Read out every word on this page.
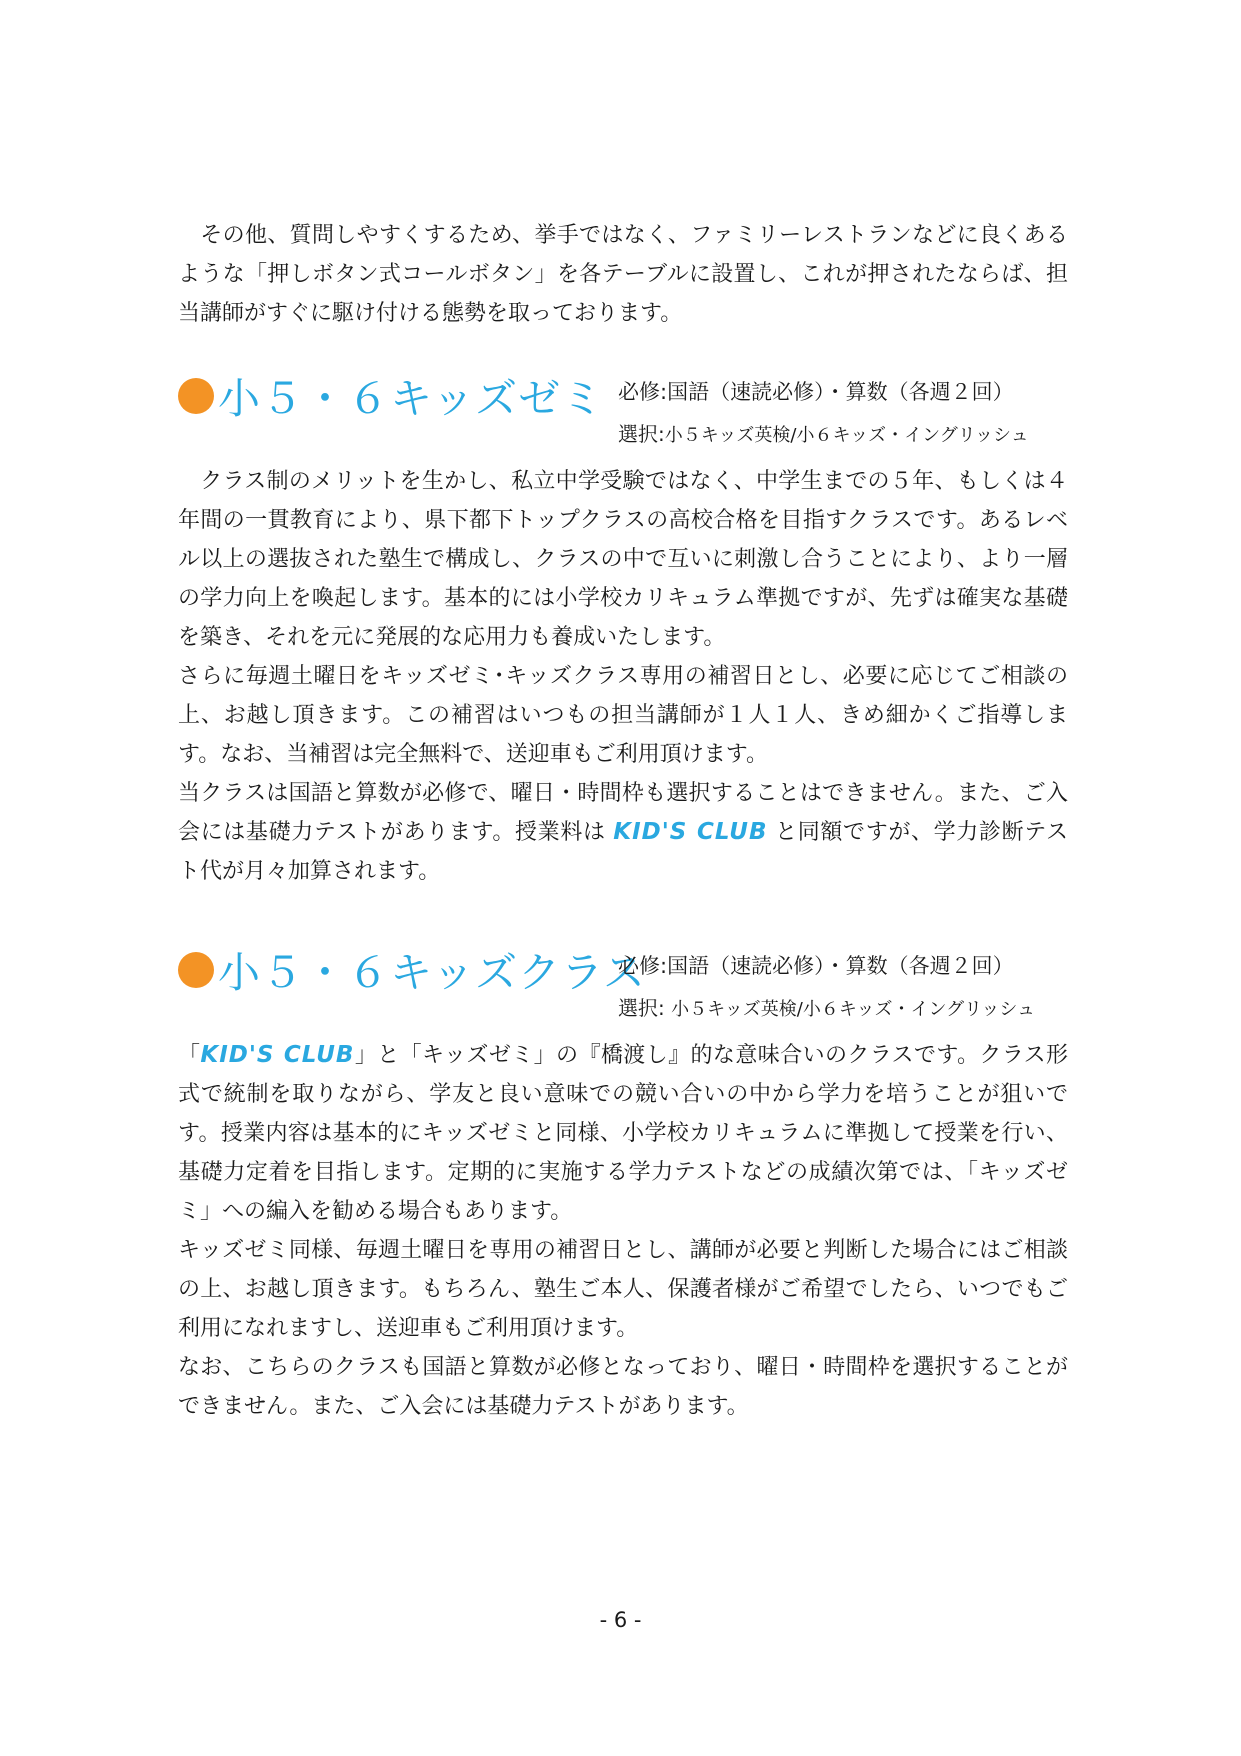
　その他、質問しやすくするため、挙手ではなく、ファミリーレストランなどに良くあるような「押しボタン式コールボタン」を各テーブルに設置し、これが押されたならば、担当講師がすぐに駆け付ける態勢を取っております。

小５・６キッズゼミ 必修:国語（速読必修）・算数（各週２回）
選択:小５キッズ英検/小６キッズ・イングリッシュ

　クラス制のメリットを生かし、私立中学受験ではなく、中学生までの５年、もしくは４年間の一貫教育により、県下都下トップクラスの高校合格を目指すクラスです。あるレベル以上の選抜された塾生で構成し、クラスの中で互いに刺激し合うことにより、より一層の学力向上を喚起します。基本的には小学校カリキュラム準拠ですが、先ずは確実な基礎を築き、それを元に発展的な応用力も養成いたします。

さらに毎週土曜日をキッズゼミ･キッズクラス専用の補習日とし、必要に応じてご相談の上、お越し頂きます。この補習はいつもの担当講師が１人１人、きめ細かくご指導します。なお、当補習は完全無料で、送迎車もご利用頂けます。

当クラスは国語と算数が必修で、曜日・時間枠も選択することはできません。また、ご入会には基礎力テストがあります。授業料は KID'S CLUB と同額ですが、学力診断テスト代が月々加算されます。

小５・６キッズクラス
必修:国語（速読必修）・算数（各週２回）
選択: 小５キッズ英検/小６キッズ・イングリッシュ

「KID'S CLUB」と「キッズゼミ」の『橋渡し』的な意味合いのクラスです。クラス形式で統制を取りながら、学友と良い意味での競い合いの中から学力を培うことが狙いです。授業内容は基本的にキッズゼミと同様、小学校カリキュラムに準拠して授業を行い、基礎力定着を目指します。定期的に実施する学力テストなどの成績次第では、「キッズゼミ」への編入を勧める場合もあります。

キッズゼミ同様、毎週土曜日を専用の補習日とし、講師が必要と判断した場合にはご相談の上、お越し頂きます。もちろん、塾生ご本人、保護者様がご希望でしたら、いつでもご利用になれますし、送迎車もご利用頂けます。

なお、こちらのクラスも国語と算数が必修となっており、曜日・時間枠を選択することができません。また、ご入会には基礎力テストがあります。

- 6 -
